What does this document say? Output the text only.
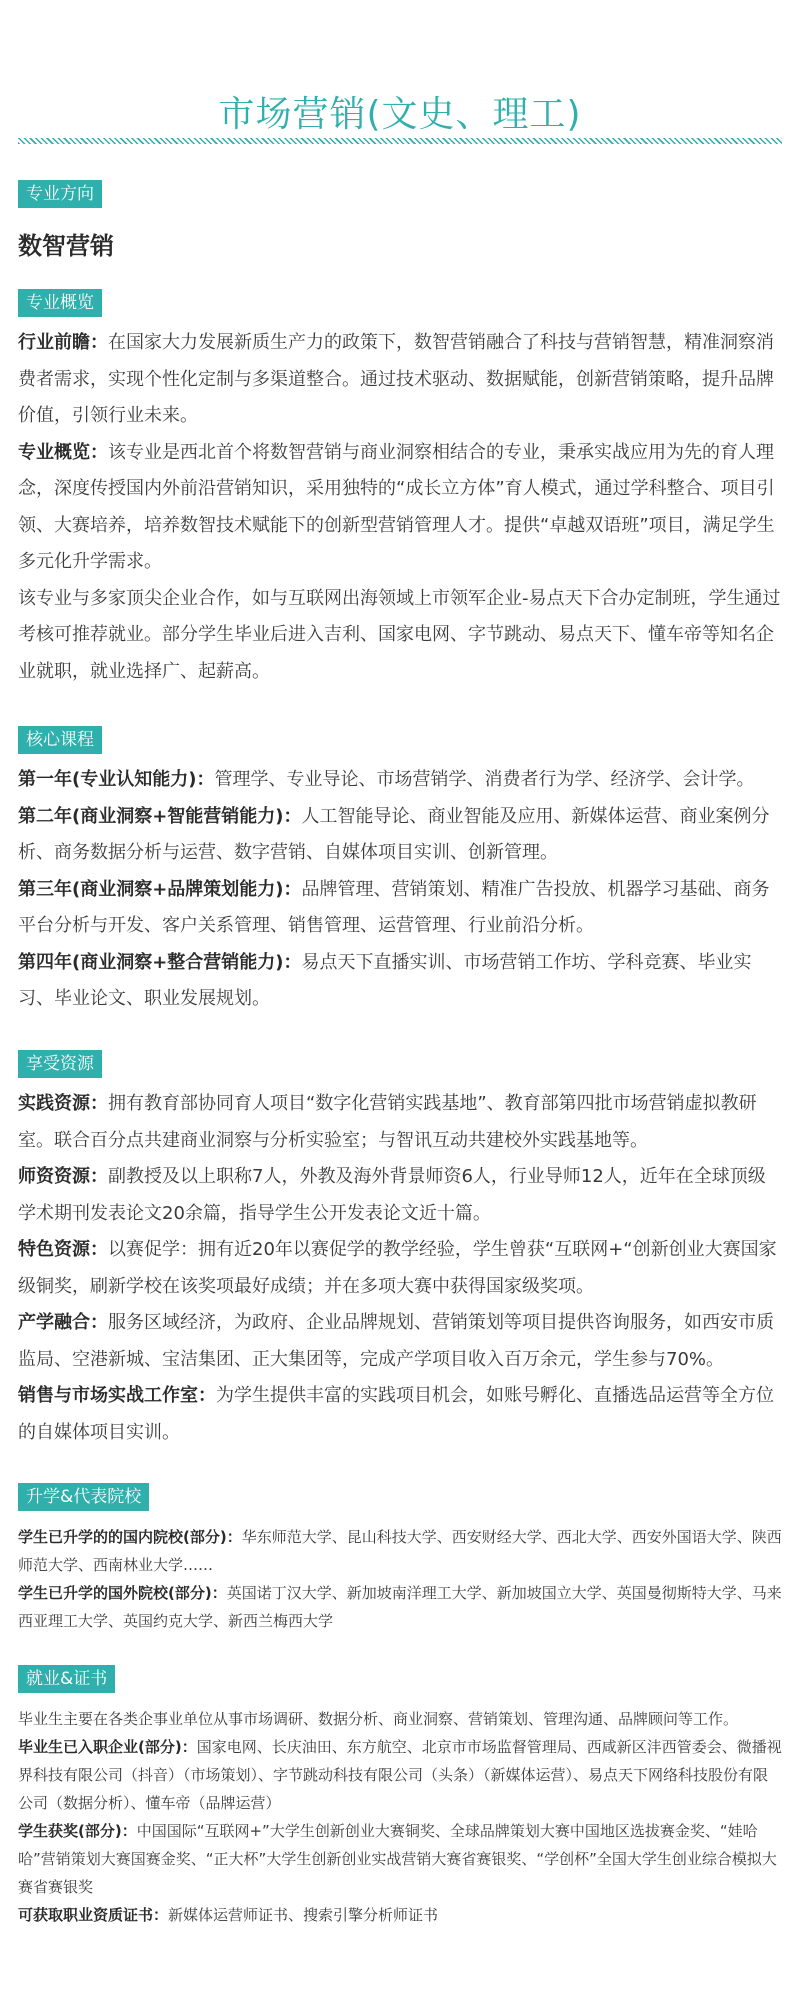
市场营销(文史、理工)
专业方向
数智营销
专业概览

行业前瞻：在国家大力发展新质生产力的政策下，数智营销融合了科技与营销智慧，精准洞察消费者需求，实现个性化定制与多渠道整合。通过技术驱动、数据赋能，创新营销策略，提升品牌价值，引领行业未来。

专业概览：该专业是西北首个将数智营销与商业洞察相结合的专业，秉承实战应用为先的育人理念，深度传授国内外前沿营销知识，采用独特的“成长立方体”育人模式，通过学科整合、项目引领、大赛培养，培养数智技术赋能下的创新型营销管理人才。提供“卓越双语班”项目，满足学生多元化升学需求。

该专业与多家顶尖企业合作，如与互联网出海领域上市领军企业-易点天下合办定制班，学生通过考核可推荐就业。部分学生毕业后进入吉利、国家电网、字节跳动、易点天下、懂车帝等知名企业就职，就业选择广、起薪高。

核心课程

第一年(专业认知能力)：管理学、专业导论、市场营销学、消费者行为学、经济学、会计学。

第二年(商业洞察+智能营销能力)：人工智能导论、商业智能及应用、新媒体运营、商业案例分析、商务数据分析与运营、数字营销、自媒体项目实训、创新管理。

第三年(商业洞察+品牌策划能力)：品牌管理、营销策划、精准广告投放、机器学习基础、商务平台分析与开发、客户关系管理、销售管理、运营管理、行业前沿分析。

第四年(商业洞察+整合营销能力)：易点天下直播实训、市场营销工作坊、学科竞赛、毕业实习、毕业论文、职业发展规划。

享受资源

实践资源：拥有教育部协同育人项目“数字化营销实践基地”、教育部第四批市场营销虚拟教研室。联合百分点共建商业洞察与分析实验室；与智讯互动共建校外实践基地等。

师资资源：副教授及以上职称7人，外教及海外背景师资6人，行业导师12人，近年在全球顶级学术期刊发表论文20余篇，指导学生公开发表论文近十篇。

特色资源：以赛促学：拥有近20年以赛促学的教学经验，学生曾获“互联网+“创新创业大赛国家级铜奖，刷新学校在该奖项最好成绩；并在多项大赛中获得国家级奖项。

产学融合：服务区域经济，为政府、企业品牌规划、营销策划等项目提供咨询服务，如西安市质监局、空港新城、宝洁集团、正大集团等，完成产学项目收入百万余元，学生参与70%。

销售与市场实战工作室：为学生提供丰富的实践项目机会，如账号孵化、直播选品运营等全方位的自媒体项目实训。

升学&代表院校

学生已升学的的国内院校(部分)：华东师范大学、昆山科技大学、西安财经大学、西北大学、西安外国语大学、陕西师范大学、西南林业大学……

学生已升学的国外院校(部分)：英国诺丁汉大学、新加坡南洋理工大学、新加坡国立大学、英国曼彻斯特大学、马来西亚理工大学、英国约克大学、新西兰梅西大学

就业&证书

毕业生主要在各类企事业单位从事市场调研、数据分析、商业洞察、营销策划、管理沟通、品牌顾问等工作。

毕业生已入职企业(部分)：国家电网、长庆油田、东方航空、北京市市场监督管理局、西咸新区沣西管委会、微播视界科技有限公司（抖音）（市场策划）、字节跳动科技有限公司（头条）（新媒体运营）、易点天下网络科技股份有限公司（数据分析）、懂车帝（品牌运营）

学生获奖(部分)：中国国际“互联网+”大学生创新创业大赛铜奖、全球品牌策划大赛中国地区选拔赛金奖、“娃哈哈”营销策划大赛国赛金奖、“正大杯”大学生创新创业实战营销大赛省赛银奖、“学创杯”全国大学生创业综合模拟大赛省赛银奖

可获取职业资质证书：新媒体运营师证书、搜索引擎分析师证书
